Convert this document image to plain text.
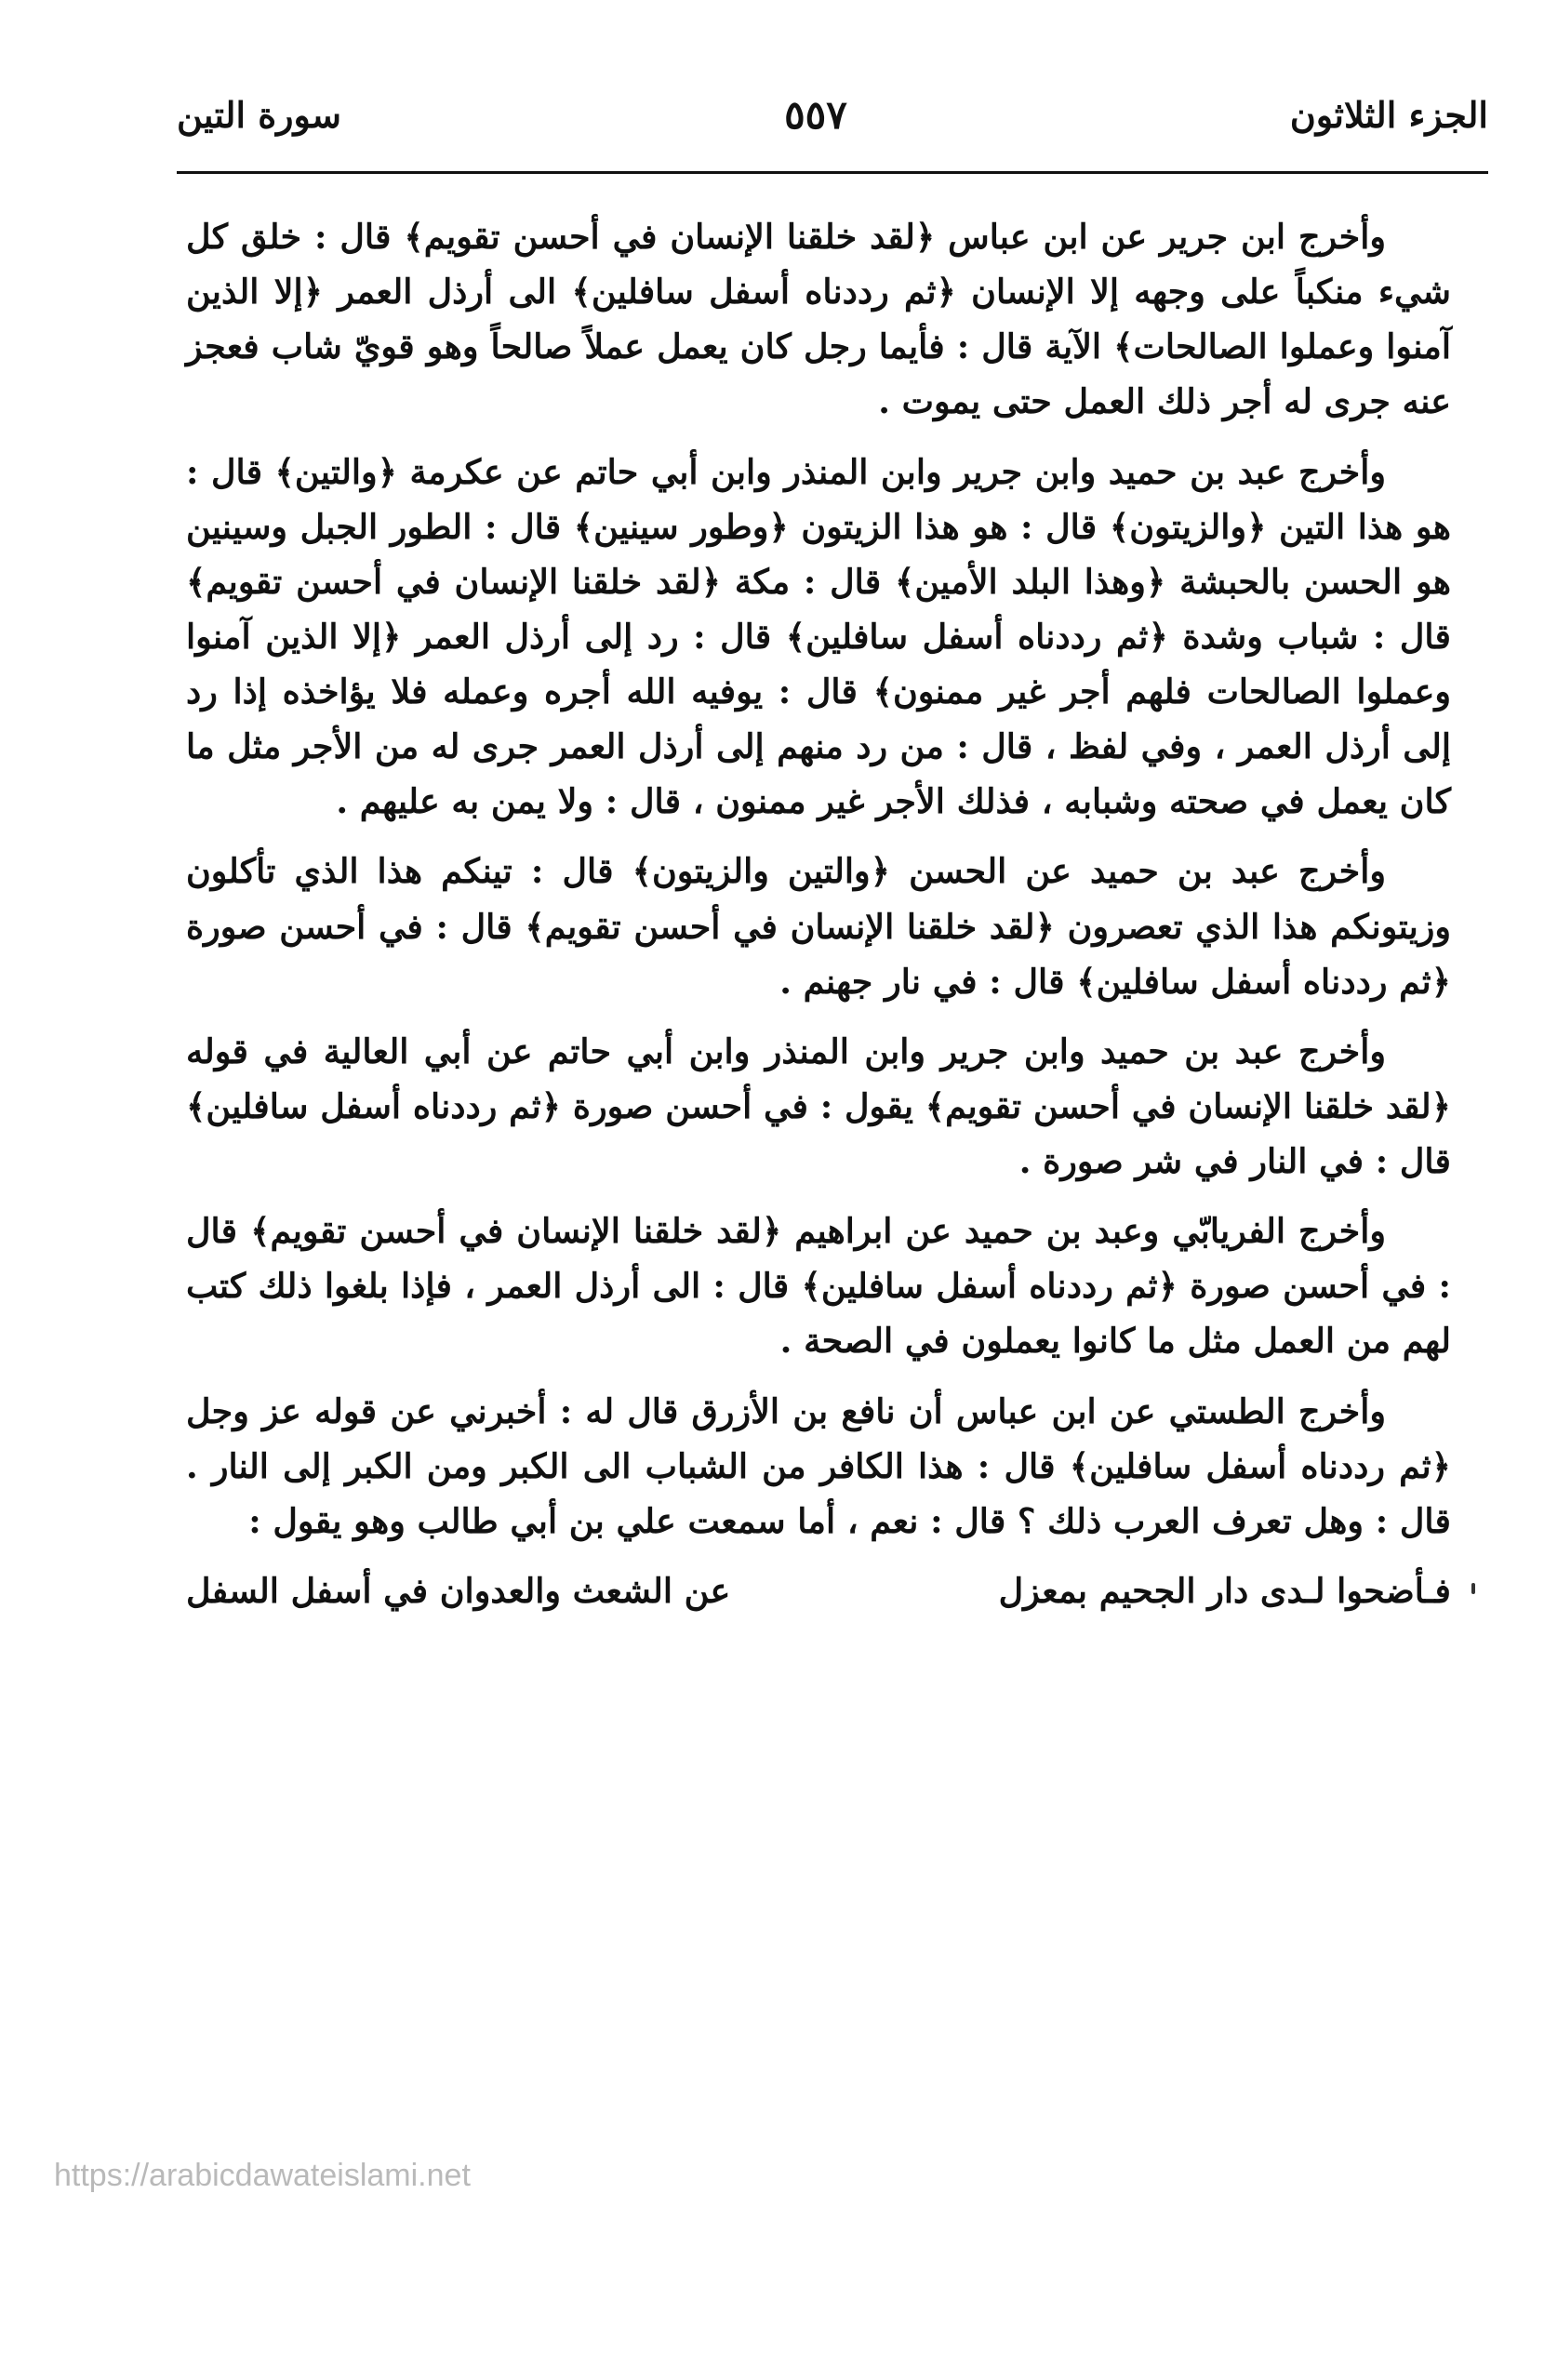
الجزء الثلاثون
٥٥٧
سورة التين

وأخرج ابن جرير عن ابن عباس ﴿لقد خلقنا الإنسان في أحسن تقويم﴾ قال : خلق كل شيء منكباً على وجهه إلا الإنسان ﴿ثم رددناه أسفل سافلين﴾ الى أرذل العمر ﴿إلا الذين آمنوا وعملوا الصالحات﴾ الآية قال : فأيما رجل كان يعمل عملاً صالحاً وهو قويّ شاب فعجز عنه جرى له أجر ذلك العمل حتى يموت .

وأخرج عبد بن حميد وابن جرير وابن المنذر وابن أبي حاتم عن عكرمة ﴿والتين﴾ قال : هو هذا التين ﴿والزيتون﴾ قال : هو هذا الزيتون ﴿وطور سينين﴾ قال : الطور الجبل وسينين هو الحسن بالحبشة ﴿وهذا البلد الأمين﴾ قال : مكة ﴿لقد خلقنا الإنسان في أحسن تقويم﴾ قال : شباب وشدة ﴿ثم رددناه أسفل سافلين﴾ قال : رد إلى أرذل العمر ﴿إلا الذين آمنوا وعملوا الصالحات فلهم أجر غير ممنون﴾ قال : يوفيه الله أجره وعمله فلا يؤاخذه إذا رد إلى أرذل العمر ، وفي لفظ ، قال : من رد منهم إلى أرذل العمر جرى له من الأجر مثل ما كان يعمل في صحته وشبابه ، فذلك الأجر غير ممنون ، قال : ولا يمن به عليهم .

وأخرج عبد بن حميد عن الحسن ﴿والتين والزيتون﴾ قال : تينكم هذا الذي تأكلون وزيتونكم هذا الذي تعصرون ﴿لقد خلقنا الإنسان في أحسن تقويم﴾ قال : في أحسن صورة ﴿ثم رددناه أسفل سافلين﴾ قال : في نار جهنم .

وأخرج عبد بن حميد وابن جرير وابن المنذر وابن أبي حاتم عن أبي العالية في قوله ﴿لقد خلقنا الإنسان في أحسن تقويم﴾ يقول : في أحسن صورة ﴿ثم رددناه أسفل سافلين﴾ قال : في النار في شر صورة .

وأخرج الفريابّي وعبد بن حميد عن ابراهيم ﴿لقد خلقنا الإنسان في أحسن تقويم﴾ قال : في أحسن صورة ﴿ثم رددناه أسفل سافلين﴾ قال : الى أرذل العمر ، فإذا بلغوا ذلك كتب لهم من العمل مثل ما كانوا يعملون في الصحة .

وأخرج الطستي عن ابن عباس أن نافع بن الأزرق قال له : أخبرني عن قوله عز وجل ﴿ثم رددناه أسفل سافلين﴾ قال : هذا الكافر من الشباب الى الكبر ومن الكبر إلى النار . قال : وهل تعرف العرب ذلك ؟ قال : نعم ، أما سمعت علي بن أبي طالب وهو يقول :

فـأضحوا لـدى دار الجحيم بمعزل
عن الشعث والعدوان في أسفل السفل
https://arabicdawateislami.net
